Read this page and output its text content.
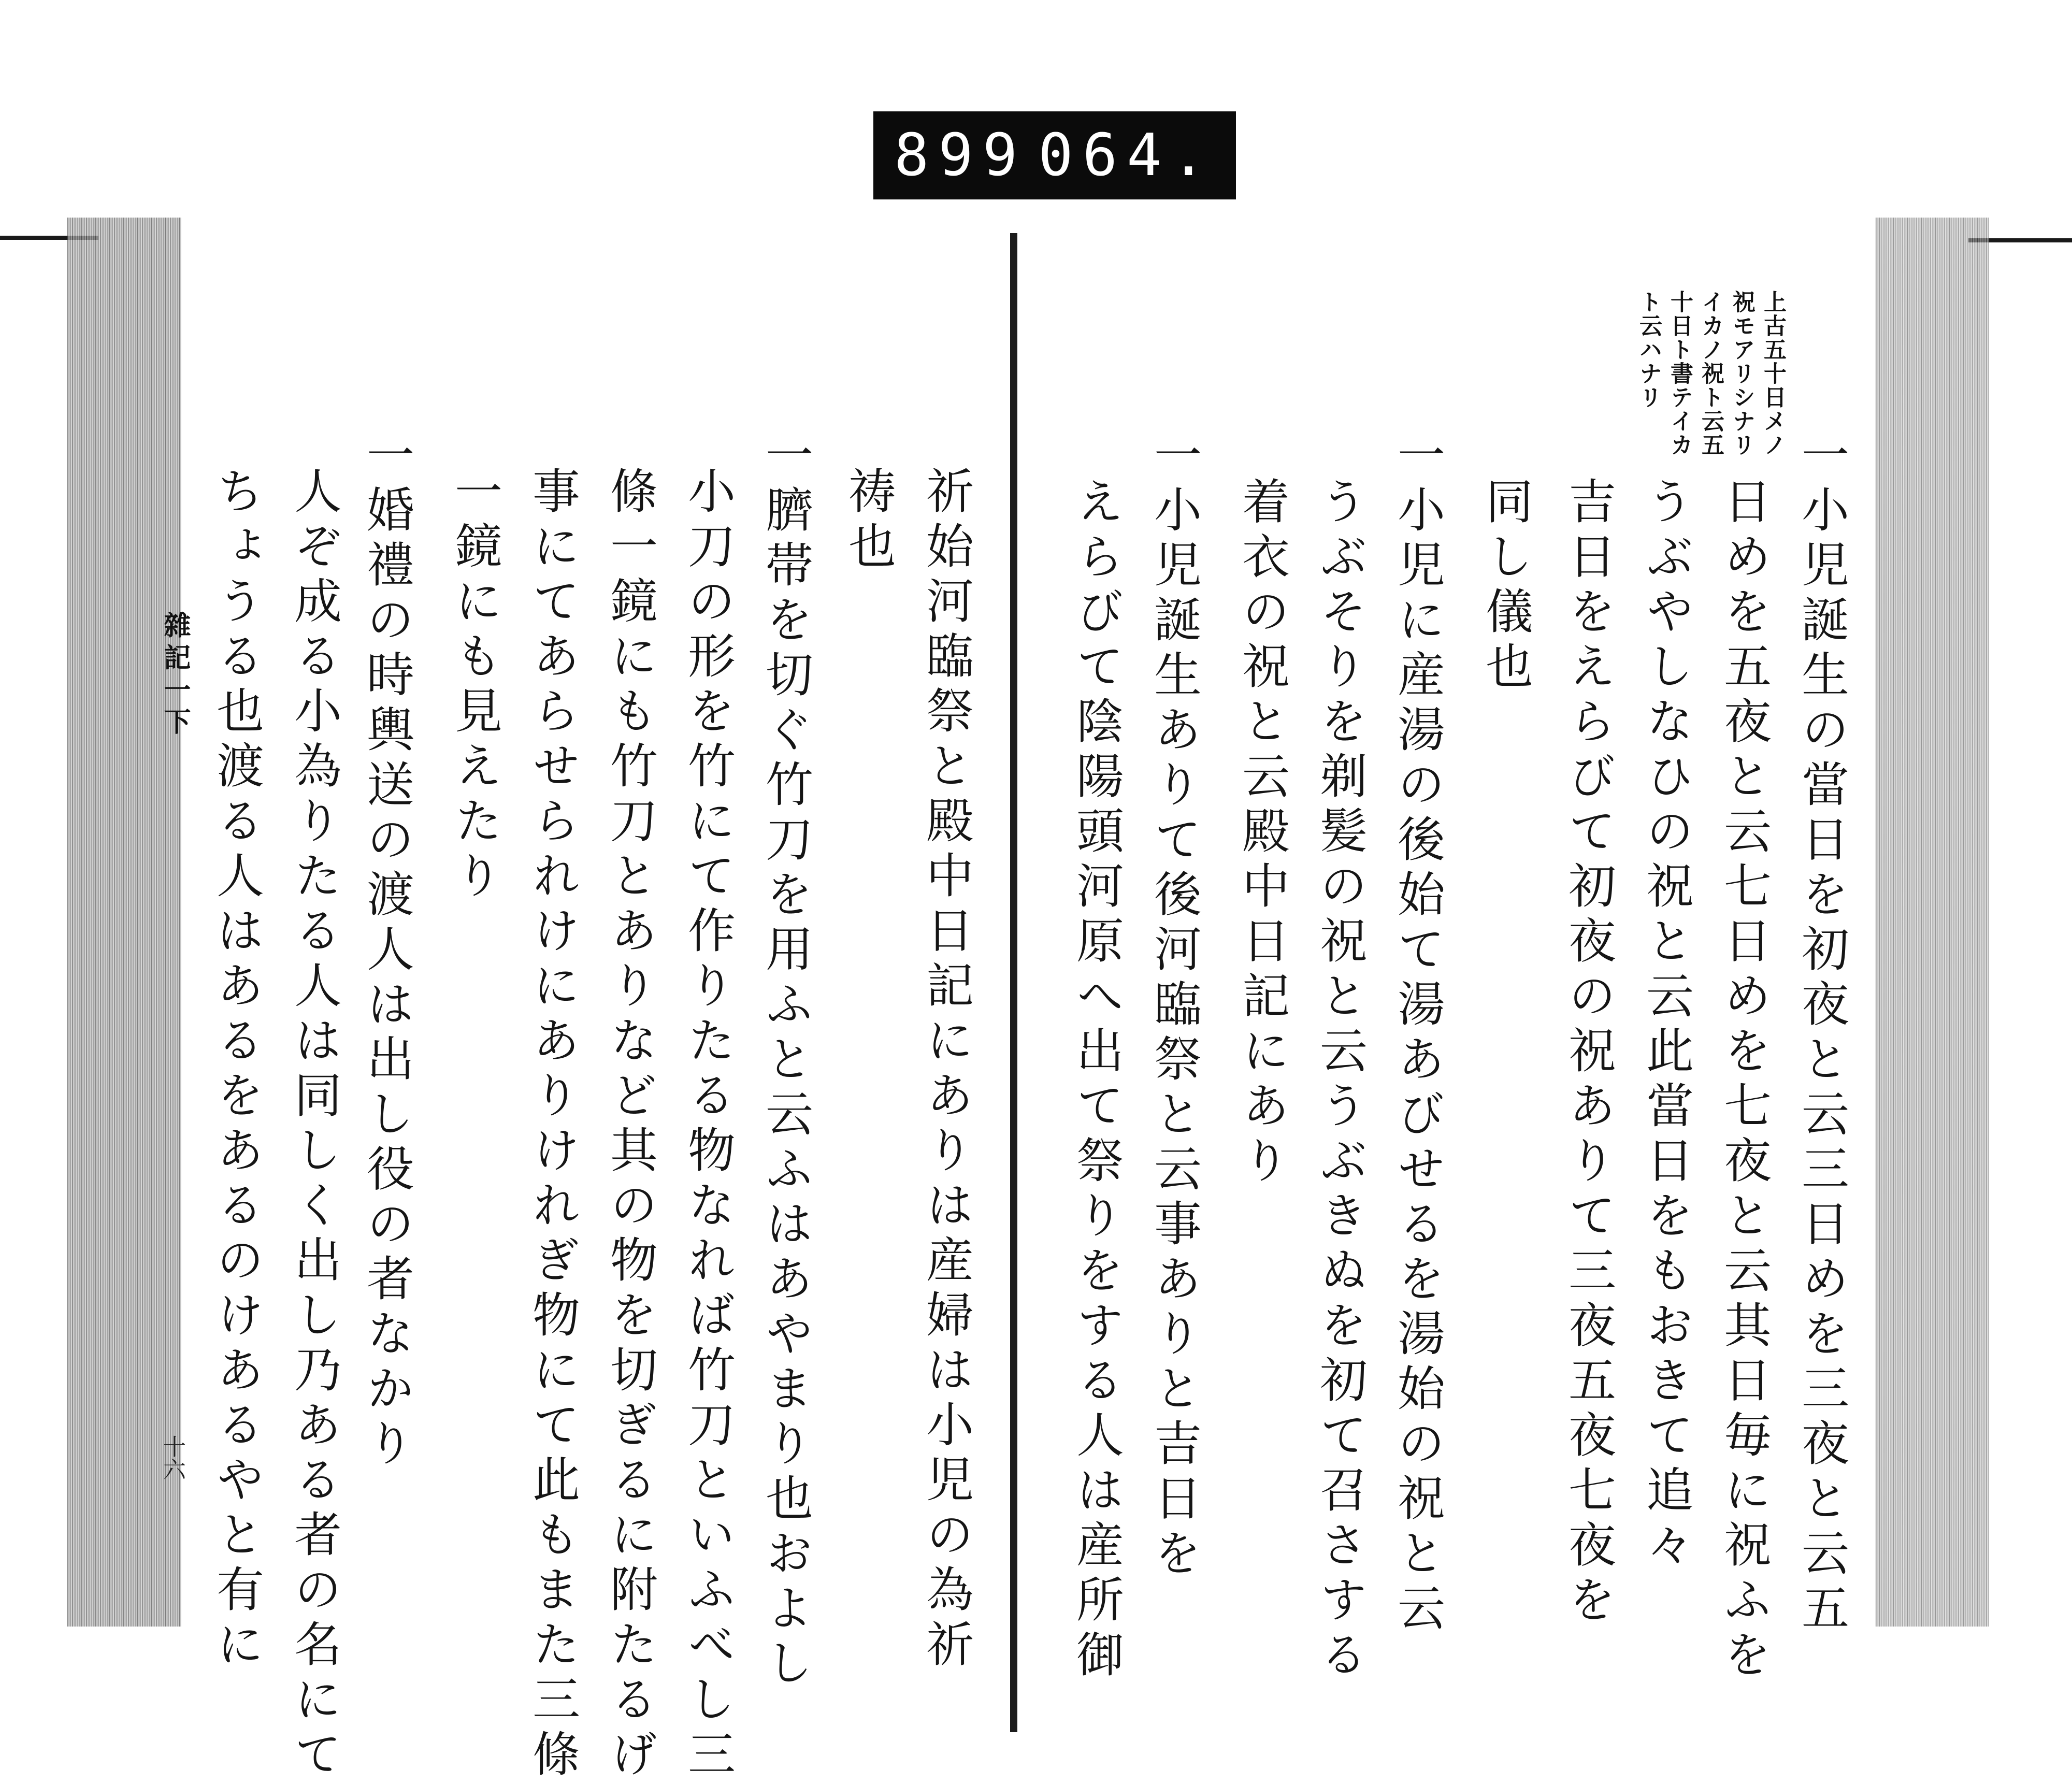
899 064.
上古五十日メノ
祝モアリシナリ
イカノ祝ト云五
十日ト書テイカ
ト云ハナリ
一小児誕生の當日を初夜と云三日めを三夜と云五
日めを五夜と云七日めを七夜と云其日毎に祝ふを
うぶやしなひの祝と云此當日をもおきて追々
吉日をえらびて初夜の祝ありて三夜五夜七夜を
同し儀也
一小児に産湯の後始て湯あびせるを湯始の祝と云
うぶそりを剃髪の祝と云うぶきぬを初て召さする
着衣の祝と云殿中日記にあり
一小児誕生ありて後河臨祭と云事ありと吉日を
えらびて陰陽頭河原へ出て祭りをする人は産所御
祈始河臨祭と殿中日記にありは産婦は小児の為祈
祷也
一臍帯を切ぐ竹刀を用ふと云ふはあやまり也およし
小刀の形を竹にて作りたる物なれば竹刀といふべし三
條一鏡にも竹刀とありなど其の物を切ぎるに附たるげ
事にてあらせられけにありけれぎ物にて此もまた三條
一鏡にも見えたり
一婚禮の時輿送の渡人は出し役の者なかり
人ぞ成る小為りたる人は同しく出し乃ある者の名にて
ちょうる也渡る人はあるをあるのけあるやと有に
雜記一下
十六
